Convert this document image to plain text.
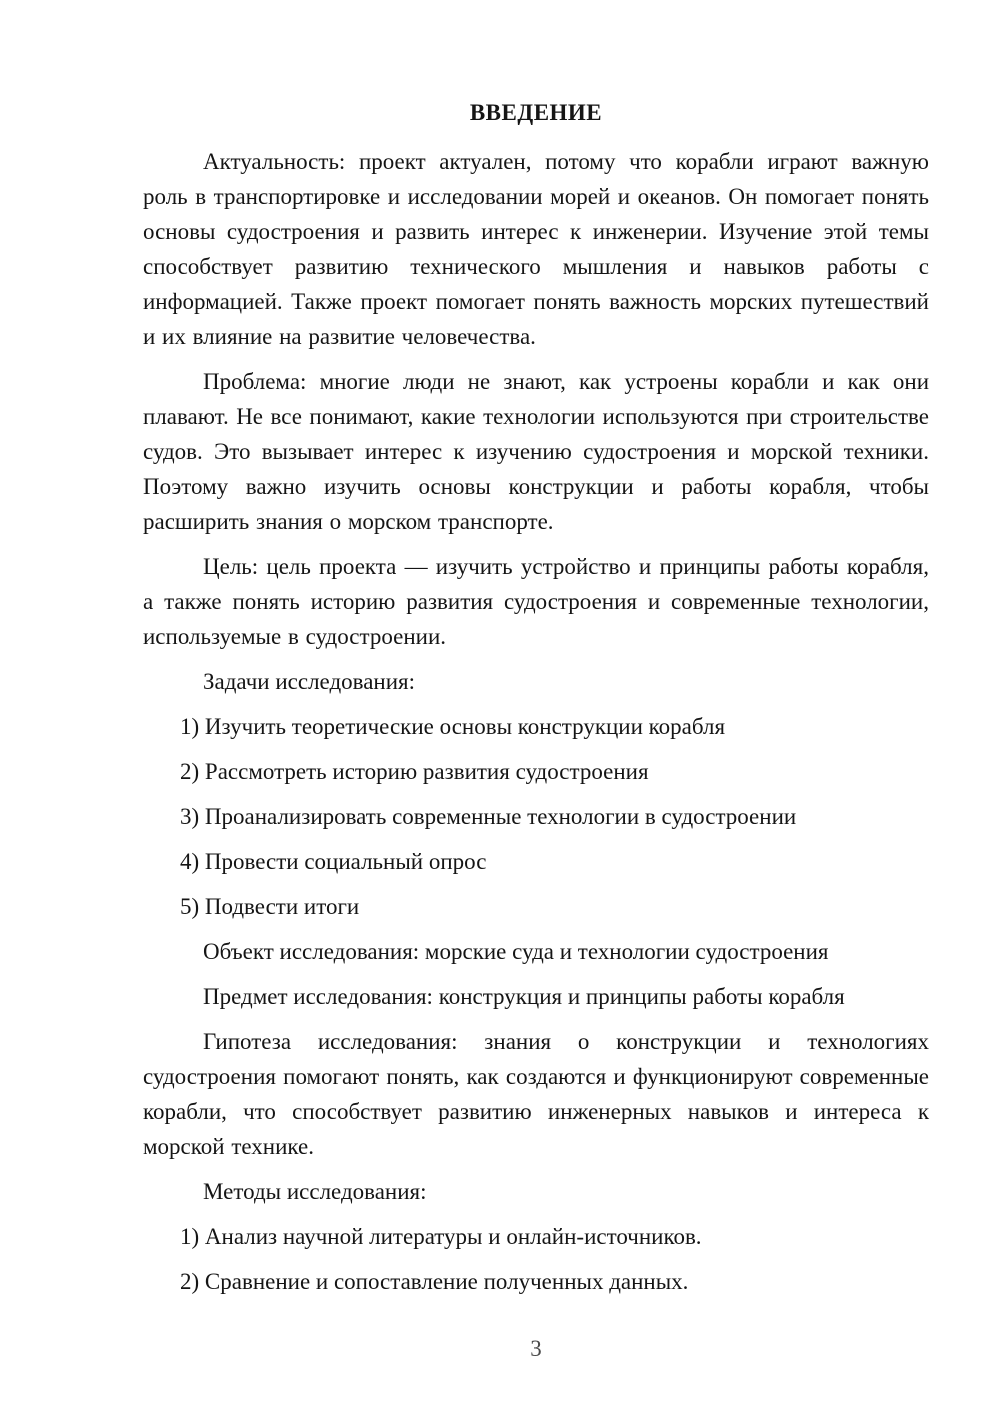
ВВЕДЕНИЕ

Актуальность: проект актуален, потому что корабли играют важную роль в транспортировке и исследовании морей и океанов. Он помогает понять основы судостроения и развить интерес к инженерии. Изучение этой темы способствует развитию технического мышления и навыков работы с информацией. Также проект помогает понять важность морских путешествий и их влияние на развитие человечества.

Проблема: многие люди не знают, как устроены корабли и как они плавают. Не все понимают, какие технологии используются при строительстве судов. Это вызывает интерес к изучению судостроения и морской техники. Поэтому важно изучить основы конструкции и работы корабля, чтобы расширить знания о морском транспорте.

Цель: цель проекта — изучить устройство и принципы работы корабля, а также понять историю развития судостроения и современные технологии, используемые в судостроении.

Задачи исследования:

1) Изучить теоретические основы конструкции корабля

2) Рассмотреть историю развития судостроения

3) Проанализировать современные технологии в судостроении

4) Провести социальный опрос

5) Подвести итоги

Объект исследования: морские суда и технологии судостроения

Предмет исследования: конструкция и принципы работы корабля

Гипотеза исследования: знания о конструкции и технологиях судостроения помогают понять, как создаются и функционируют современные корабли, что способствует развитию инженерных навыков и интереса к морской технике.

Методы исследования:

1) Анализ научной литературы и онлайн-источников.

2) Сравнение и сопоставление полученных данных.

3
